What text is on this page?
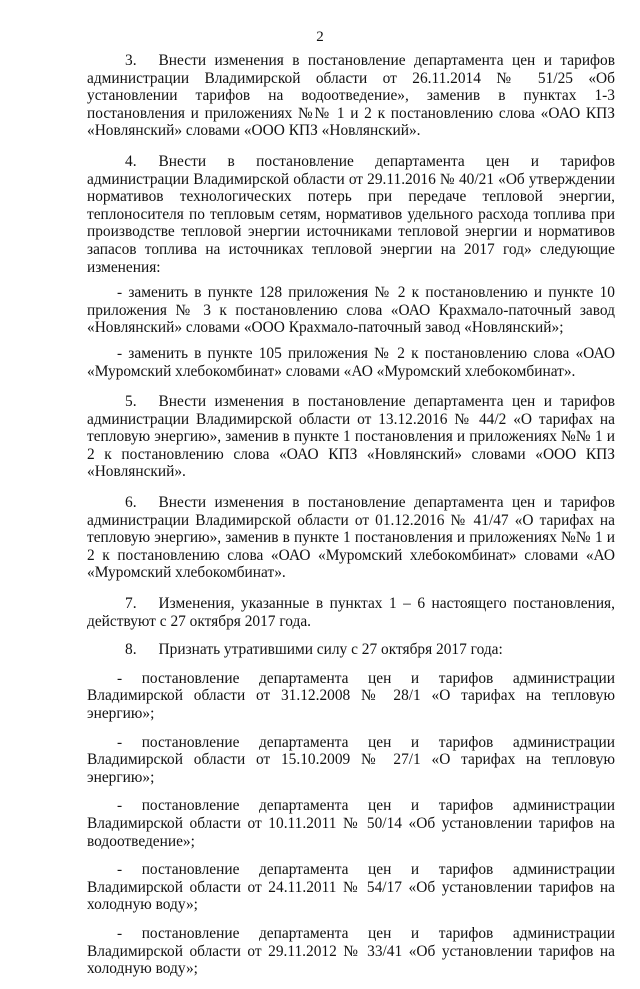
2

3. Внести изменения в постановление департамента цен и тарифов администрации Владимирской области от 26.11.2014 № 51/25 «Об установлении тарифов на водоотведение», заменив в пунктах 1-3 постановления и приложениях №№ 1 и 2 к постановлению слова «ОАО КПЗ «Новлянский» словами «ООО КПЗ «Новлянский».

4. Внести в постановление департамента цен и тарифов администрации Владимирской области от 29.11.2016 № 40/21 «Об утверждении нормативов технологических потерь при передаче тепловой энергии, теплоносителя по тепловым сетям, нормативов удельного расхода топлива при производстве тепловой энергии источниками тепловой энергии и нормативов запасов топлива на источниках тепловой энергии на 2017 год» следующие изменения:

- заменить в пункте 128 приложения № 2 к постановлению и пункте 10 приложения № 3 к постановлению слова «ОАО Крахмало-паточный завод «Новлянский» словами «ООО Крахмало-паточный завод «Новлянский»;

- заменить в пункте 105 приложения № 2 к постановлению слова «ОАО «Муромский хлебокомбинат» словами «АО «Муромский хлебокомбинат».

5. Внести изменения в постановление департамента цен и тарифов администрации Владимирской области от 13.12.2016 № 44/2 «О тарифах на тепловую энергию», заменив в пункте 1 постановления и приложениях №№ 1 и 2 к постановлению слова «ОАО КПЗ «Новлянский» словами «ООО КПЗ «Новлянский».

6. Внести изменения в постановление департамента цен и тарифов администрации Владимирской области от 01.12.2016 № 41/47 «О тарифах на тепловую энергию», заменив в пункте 1 постановления и приложениях №№ 1 и 2 к постановлению слова «ОАО «Муромский хлебокомбинат» словами «АО «Муромский хлебокомбинат».

7. Изменения, указанные в пунктах 1 – 6 настоящего постановления, действуют с 27 октября 2017 года.

8. Признать утратившими силу с 27 октября 2017 года:

- постановление департамента цен и тарифов администрации Владимирской области от 31.12.2008 № 28/1 «О тарифах на тепловую энергию»;

- постановление департамента цен и тарифов администрации Владимирской области от 15.10.2009 № 27/1 «О тарифах на тепловую энергию»;

- постановление департамента цен и тарифов администрации Владимирской области от 10.11.2011 № 50/14 «Об установлении тарифов на водоотведение»;

- постановление департамента цен и тарифов администрации Владимирской области от 24.11.2011 № 54/17 «Об установлении тарифов на холодную воду»;

- постановление департамента цен и тарифов администрации Владимирской области от 29.11.2012 № 33/41 «Об установлении тарифов на холодную воду»;
